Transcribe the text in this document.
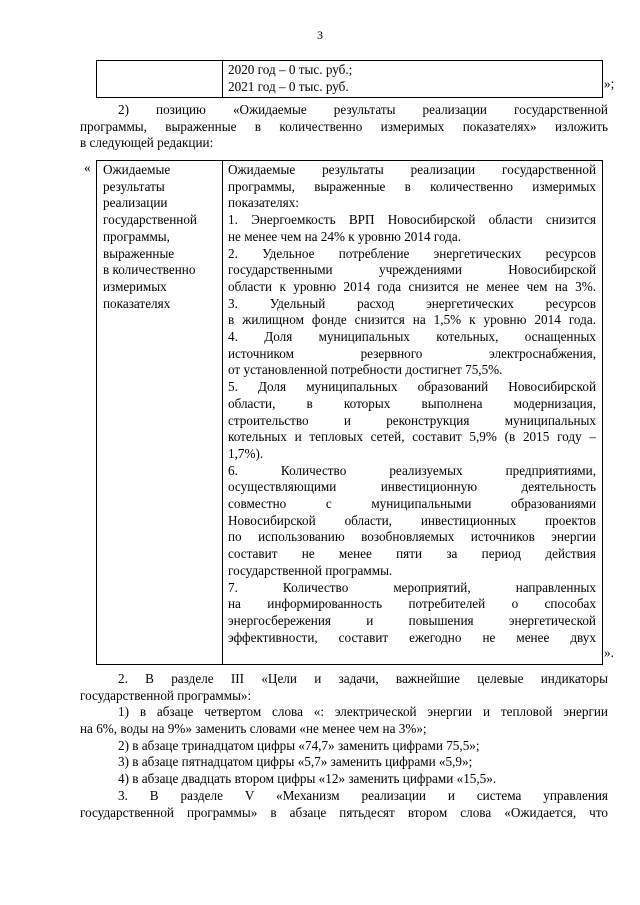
3
2020 год – 0 тыс. руб.;
2021 год – 0 тыс. руб.	»;
2) позицию «Ожидаемые результаты реализации государственной
программы, выраженные в количественно измеримых показателях» изложить
в следующей редакции:
« Ожидаемые
результаты
реализации
государственной
программы,
выраженные
в количественно
измеримых
показателях
Ожидаемые результаты реализации государственной
программы, выраженные в количественно измеримых
показателях:
1. Энергоемкость ВРП Новосибирской области снизится
не менее чем на 24% к уровню 2014 года.
2. Удельное потребление энергетических ресурсов
государственными учреждениями Новосибирской
области к уровню 2014 года снизится не менее чем на 3%.
3. Удельный расход энергетических ресурсов
в жилищном фонде снизится на 1,5% к уровню 2014 года.
4. Доля муниципальных котельных, оснащенных
источником резервного электроснабжения,
от установленной потребности достигнет 75,5%.
5. Доля муниципальных образований Новосибирской
области, в которых выполнена модернизация,
строительство и реконструкция муниципальных
котельных и тепловых сетей, составит 5,9% (в 2015 году –
1,7%).
6. Количество реализуемых предприятиями,
осуществляющими инвестиционную деятельность
совместно с муниципальными образованиями
Новосибирской области, инвестиционных проектов
по использованию возобновляемых источников энергии
составит не менее пяти за период действия
государственной программы.
7. Количество мероприятий, направленных
на информированность потребителей о способах
энергосбережения и повышения энергетической
эффективности, составит ежегодно не менее двух
».
2. В разделе III «Цели и задачи, важнейшие целевые индикаторы
государственной программы»:
1) в абзаце четвертом слова «: электрической энергии и тепловой энергии
на 6%, воды на 9%» заменить словами «не менее чем на 3%»;
2) в абзаце тринадцатом цифры «74,7» заменить цифрами 75,5»;
3) в абзаце пятнадцатом цифры «5,7» заменить цифрами «5,9»;
4) в абзаце двадцать втором цифры «12» заменить цифрами «15,5».
3. В разделе V «Механизм реализации и система управления
государственной программы» в абзаце пятьдесят втором слова «Ожидается, что
